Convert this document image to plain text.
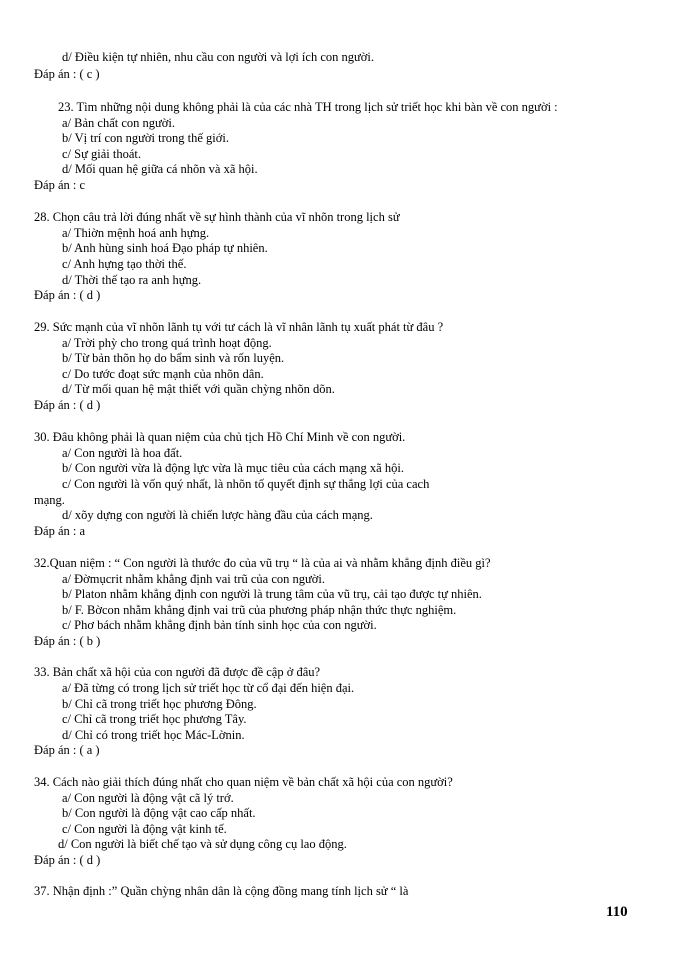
d/ Điều kiện tự nhiên, nhu cầu con người và lợi ích con người.
Đáp án : ( c )
23. Tìm những nội dung không phải là của các nhà TH trong lịch sử triết học khi bàn về con người :
a/ Bản chất con người.
b/ Vị trí con người trong thế giới.
c/ Sự giải thoát.
d/ Mối quan hệ giữa cá nhõn và xã hội.
Đáp án : c
28. Chọn câu trả lời đúng nhất về sự hình thành của vĩ nhõn trong lịch sử
a/ Thiờn mệnh hoá anh hựng.
b/ Anh hùng sinh hoá Đạo pháp tự nhiên.
c/ Anh hựng tạo thời thế.
d/ Thời thế tạo ra anh hựng.
Đáp án : ( d )
29. Sức mạnh của vĩ nhõn lãnh tụ với tư cách là vĩ nhân lãnh tụ xuất phát từ đâu ?
a/ Trời phỳ cho trong quá trình hoạt động.
b/ Từ bản thõn họ do bẩm sinh và rốn luyện.
c/ Do tước đoạt sức mạnh của nhõn dân.
d/ Từ mối quan hệ mật thiết với quần chỳng nhõn dõn.
Đáp án : ( d )
30. Đâu không phải là quan niệm của chủ tịch Hồ Chí Minh về con người.
a/ Con người là hoa đất.
b/ Con người vừa là động lực vừa là mục tiêu của cách mạng xã hội.
c/ Con người là vốn quý nhất, là nhõn tố quyết định sự thắng lợi của cach
mạng.
d/ xõy dựng con người là chiến lược hàng đầu của cách mạng.
Đáp án : a
32.Quan niệm : “ Con người là thước đo của vũ trụ “ là của ai và nhằm khẳng định điều gì?
a/ Đờmụcrit nhằm khẳng định vai trũ của con người.
b/ Platon nhằm khẳng định con người là trung tâm của vũ trụ, cải tạo được tự nhiên.
b/ F. Bờcon nhằm khẳng định vai trũ của phương pháp nhận thức thực nghiệm.
c/ Phơ bách nhằm khẳng định bản tính sinh học của con người.
Đáp án : ( b )
33. Bản chất xã hội của con người đã được đề cập ở đâu?
a/ Đã từng có trong lịch sử triết học từ cổ đại đến hiện đại.
b/ Chỉ cã trong triết học phương Đông.
c/ Chỉ cã trong triết học phương Tây.
d/ Chỉ có trong triết học Mác-Lờnin.
Đáp án : ( a )
34. Cách nào giải thích đúng nhất cho quan niệm về bản chất xã hội của con người?
a/ Con người là động vật cã lý trớ.
b/ Con người là động vật cao cấp nhất.
c/ Con người là động vật kinh tế.
d/ Con người là biết chế tạo và sử dụng công cụ lao động.
Đáp án : ( d )
37. Nhận định :” Quần chỳng nhân dân là cộng đồng mang tính lịch sử “ là
110
